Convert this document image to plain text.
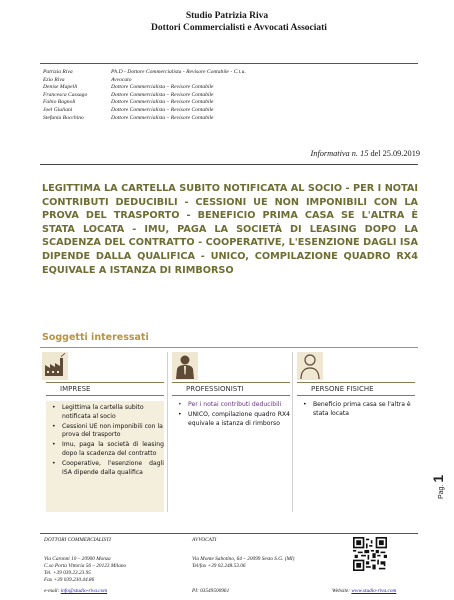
Studio Patrizia Riva
Dottori Commercialisti e Avvocati Associati
Patrizia Riva	Ph.D - Dottore Commercialista - Revisore Contabile - C.t.u.
Ezio Riva	Avvocato
Denise Mapelli	Dottore Commercialista – Revisore Contabile
Francesca Cassago	Dottore Commercialista – Revisore Contabile
Fabio Bagnoli	Dottore Commercialista – Revisore Contabile
Joel Giuliani	Dottore Commercialista – Revisore Contabile
Stefania Bocchino	Dottore Commercialista – Revisore Contabile
Informativa n. 15 del 25.09.2019
LEGITTIMA LA CARTELLA SUBITO NOTIFICATA AL SOCIO - PER I NOTAI CONTRIBUTI DEDUCIBILI - CESSIONI UE NON IMPONIBILI CON LA PROVA DEL TRASPORTO - BENEFICIO PRIMA CASA SE L'ALTRA È STATA LOCATA - IMU, PAGA LA SOCIETÀ DI LEASING DOPO LA SCADENZA DEL CONTRATTO - COOPERATIVE, L'ESENZIONE DAGLI ISA DIPENDE DALLA QUALIFICA - UNICO, COMPILAZIONE QUADRO RX4 EQUIVALE A ISTANZA DI RIMBORSO
Soggetti interessati
IMPRESE
• Legittima la cartella subito notificata al socio
• Cessioni UE non imponibili con la prova del trasporto
• Imu, paga la società di leasing dopo la scadenza del contratto
• Cooperative, l'esenzione dagli ISA dipende dalla qualifica
PROFESSIONISTI
• Per i notai contributi deducibili
• UNICO, compilazione quadro RX4 equivale a istanza di rimborso
PERSONE FISICHE
• Beneficio prima casa se l'altra è stata locata
Pag. 1
DOTTORI COMMERCIALISTI
Via Caronni 10 – 20900 Monza
C.so Porta Vittoria 56 – 20123 Milano
Tel. +39 039.23.23.95
Fax +39 039.230.44.86
AVVOCATI
Via Monte Sabotino, 64 – 20099 Sesto S.G. (MI)
Tel/fax +39 02.248.53.06
e-mail: info@studio-riva.com	PI: 03549500961	Website: www.studio-riva.com
